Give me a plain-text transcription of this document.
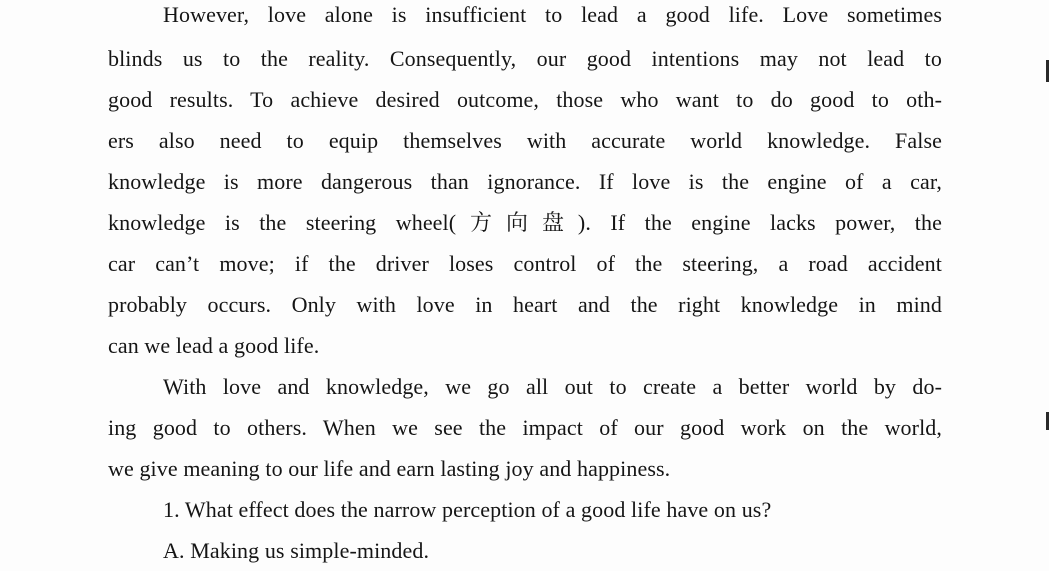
However, love alone is insufficient to lead a good life. Love sometimes
blinds us to the reality. Consequently, our good intentions may not lead to
good results. To achieve desired outcome, those who want to do good to oth-
ers also need to equip themselves with accurate world knowledge. False
knowledge is more dangerous than ignorance. If love is the engine of a car,
knowledge is the steering wheel(方向盘). If the engine lacks power, the
car can’t move; if the driver loses control of the steering, a road accident
probably occurs. Only with love in heart and the right knowledge in mind
can we lead a good life.
With love and knowledge, we go all out to create a better world by do-
ing good to others. When we see the impact of our good work on the world,
we give meaning to our life and earn lasting joy and happiness.
1. What effect does the narrow perception of a good life have on us?
A. Making us simple-minded.
